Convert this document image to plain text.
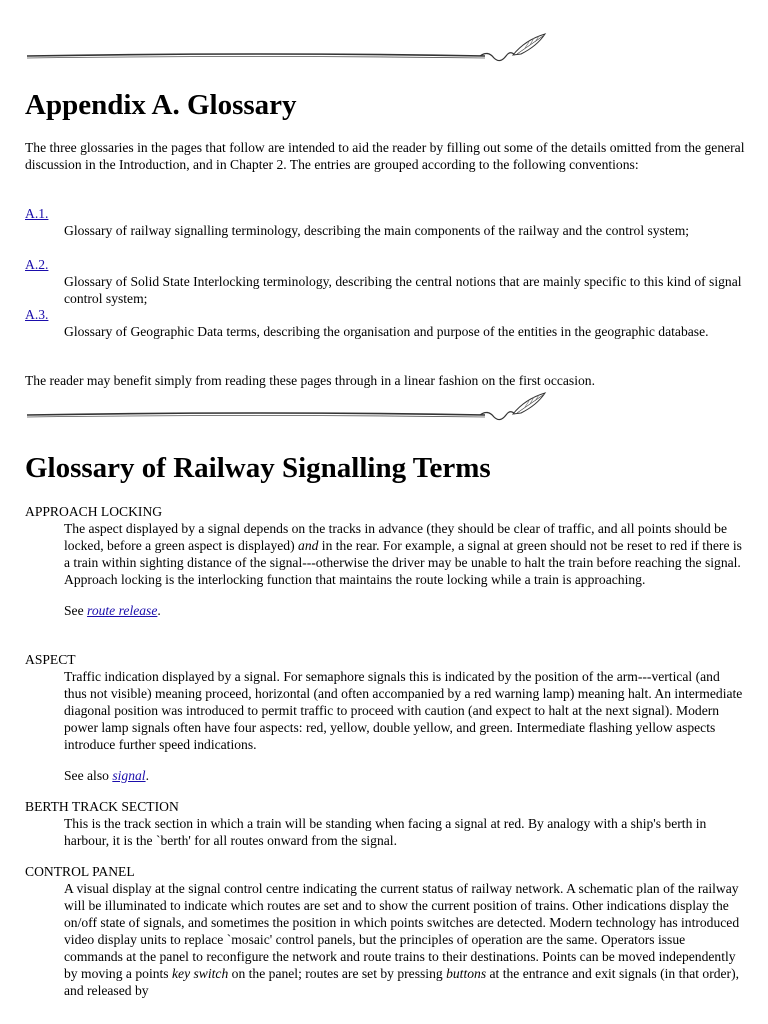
Appendix A. Glossary

The three glossaries in the pages that follow are intended to aid the reader by filling out some of the details omitted from the general discussion in the Introduction, and in Chapter 2. The entries are grouped according to the following conventions:

A.1.
Glossary of railway signalling terminology, describing the main components of the railway and the control system;
A.2.
Glossary of Solid State Interlocking terminology, describing the central notions that are mainly specific to this kind of signal control system;
A.3.
Glossary of Geographic Data terms, describing the organisation and purpose of the entities in the geographic database.

The reader may benefit simply from reading these pages through in a linear fashion on the first occasion.

Glossary of Railway Signalling Terms
APPROACH LOCKING
The aspect displayed by a signal depends on the tracks in advance (they should be clear of traffic, and all points should be locked, before a green aspect is displayed) and in the rear. For example, a signal at green should not be reset to red if there is a train within sighting distance of the signal---otherwise the driver may be unable to halt the train before reaching the signal. Approach locking is the interlocking function that maintains the route locking while a train is approaching.
See route release.
ASPECT
Traffic indication displayed by a signal. For semaphore signals this is indicated by the position of the arm---vertical (and thus not visible) meaning proceed, horizontal (and often accompanied by a red warning lamp) meaning halt. An intermediate diagonal position was introduced to permit traffic to proceed with caution (and expect to halt at the next signal). Modern power lamp signals often have four aspects: red, yellow, double yellow, and green. Intermediate flashing yellow aspects introduce further speed indications.
See also signal.
BERTH TRACK SECTION
This is the track section in which a train will be standing when facing a signal at red. By analogy with a ship's berth in harbour, it is the `berth' for all routes onward from the signal.
CONTROL PANEL
A visual display at the signal control centre indicating the current status of railway network. A schematic plan of the railway will be illuminated to indicate which routes are set and to show the current position of trains. Other indications display the on/off state of signals, and sometimes the position in which points switches are detected. Modern technology has introduced video display units to replace `mosaic' control panels, but the principles of operation are the same. Operators issue commands at the panel to reconfigure the network and route trains to their destinations. Points can be moved independently by moving a points key switch on the panel; routes are set by pressing buttons at the entrance and exit signals (in that order), and released by
